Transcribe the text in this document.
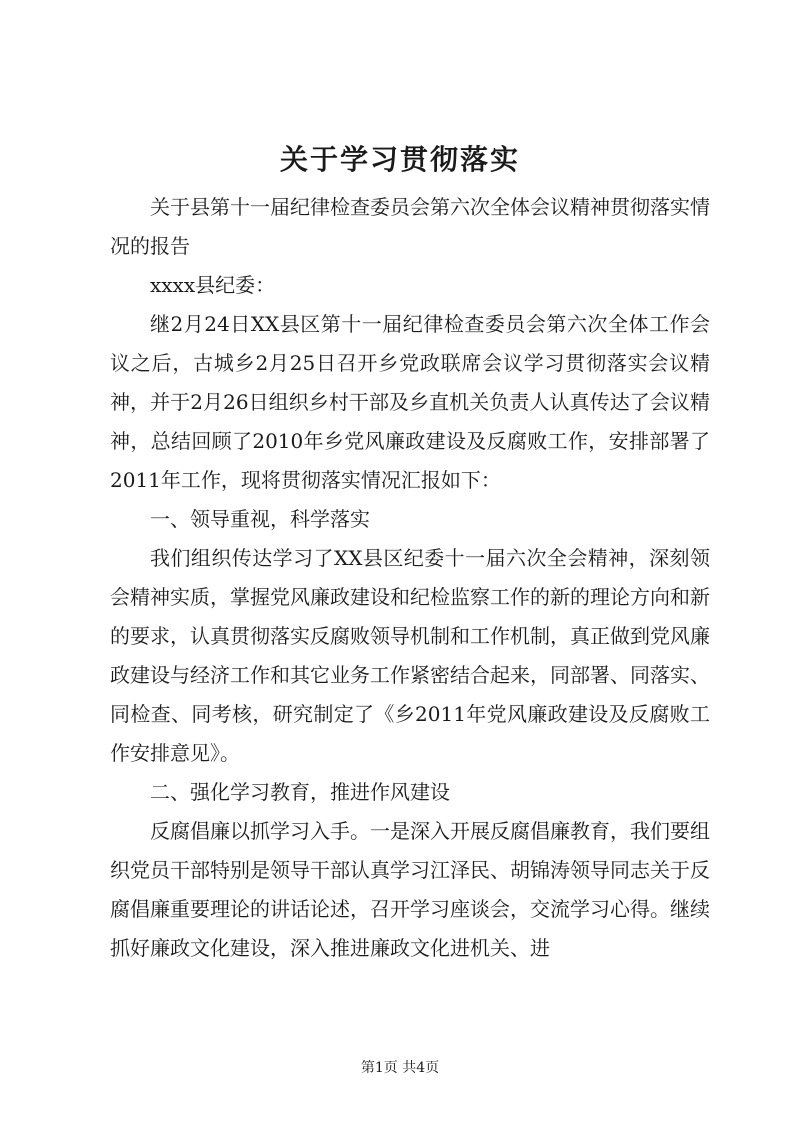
关于学习贯彻落实

关于县第十一届纪律检查委员会第六次全体会议精神贯彻落实情况的报告

xxxx县纪委：

继2月24日XX县区第十一届纪律检查委员会第六次全体工作会议之后，古城乡2月25日召开乡党政联席会议学习贯彻落实会议精神，并于2月26日组织乡村干部及乡直机关负责人认真传达了会议精神，总结回顾了2010年乡党风廉政建设及反腐败工作，安排部署了2011年工作，现将贯彻落实情况汇报如下：

一、领导重视，科学落实

我们组织传达学习了XX县区纪委十一届六次全会精神，深刻领会精神实质，掌握党风廉政建设和纪检监察工作的新的理论方向和新的要求，认真贯彻落实反腐败领导机制和工作机制，真正做到党风廉政建设与经济工作和其它业务工作紧密结合起来，同部署、同落实、同检查、同考核，研究制定了《乡2011年党风廉政建设及反腐败工作安排意见》。

二、强化学习教育，推进作风建设

反腐倡廉以抓学习入手。一是深入开展反腐倡廉教育，我们要组织党员干部特别是领导干部认真学习江泽民、胡锦涛领导同志关于反腐倡廉重要理论的讲话论述，召开学习座谈会，交流学习心得。继续抓好廉政文化建设，深入推进廉政文化进机关、进

第1页 共4页
